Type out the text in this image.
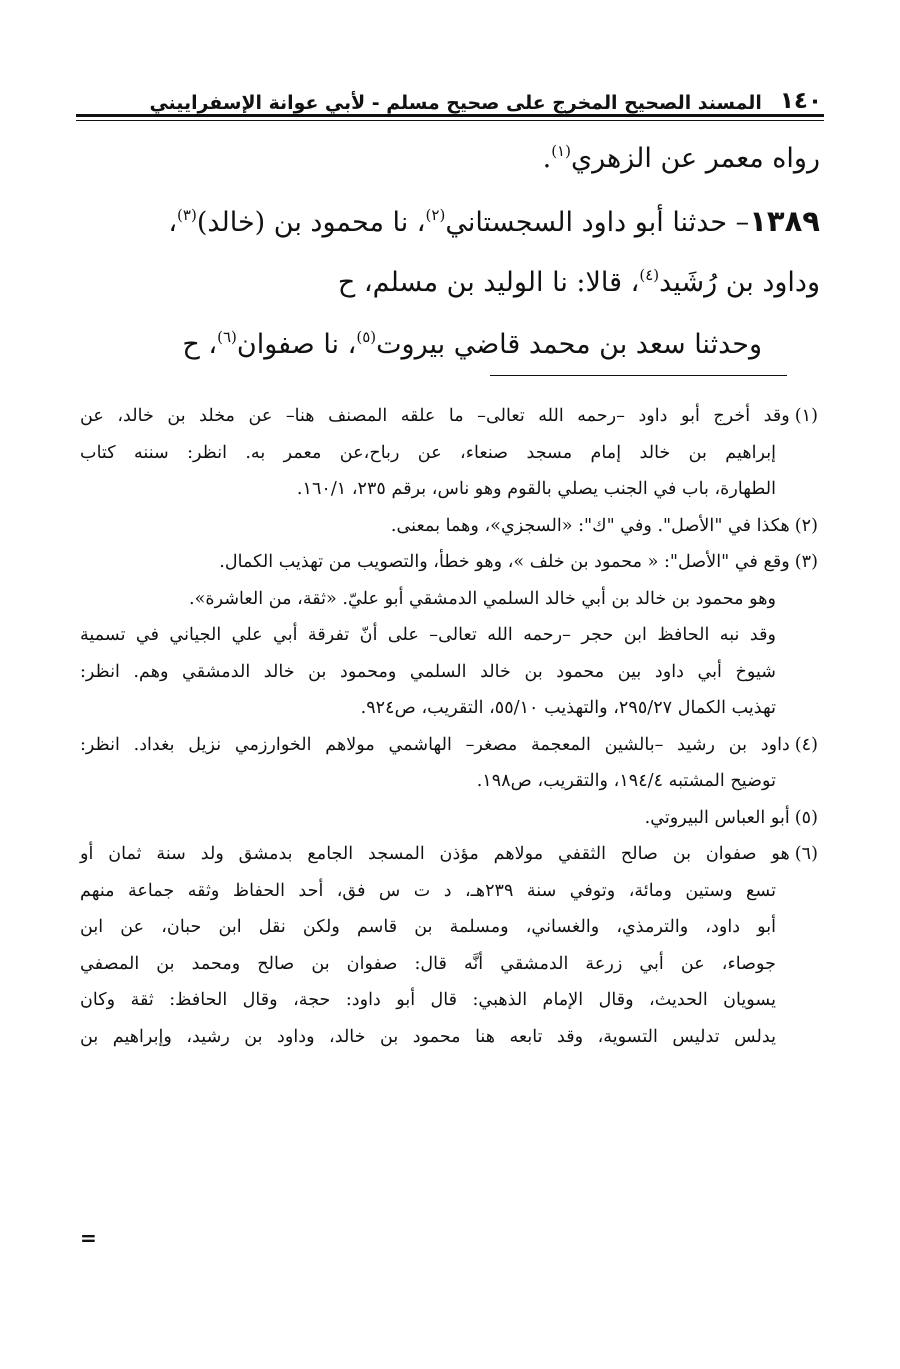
١٤٠
المسند الصحيح المخرج على صحيح مسلم - لأبي عوانة الإسفراييني
رواه معمر عن الزهري$^{(١)}$.
١٣٨٩– حدثنا أبو داود السجستاني$^{(٢)}$، نا محمود بن (خالد)$^{(٣)}$،
وداود بن رُشَيد$^{(٤)}$، قالا: نا الوليد بن مسلم، ح
وحدثنا سعد بن محمد قاضي بيروت$^{(٥)}$، نا صفوان$^{(٦)}$، ح
(١)وقد أخرج أبو داود –رحمه الله تعالى– ما علقه المصنف هنا– عن مخلد بن خالد، عن
إبراهيم بن خالد إمام مسجد صنعاء، عن رباح،عن معمر به. انظر: سننه كتاب
الطهارة، باب في الجنب يصلي بالقوم وهو ناس، برقم ٢٣٥، ١٦٠/١.
(٢)هكذا في "الأصل". وفي "ك": «السجزي»، وهما بمعنى.
(٣)وقع في "الأصل": « محمود بن خلف »، وهو خطأ، والتصويب من تهذيب الكمال.
وهو محمود بن خالد بن أبي خالد السلمي الدمشقي أبو عليّ. «ثقة، من العاشرة».
وقد نبه الحافظ ابن حجر –رحمه الله تعالى– على أنّ تفرقة أبي علي الجياني في تسمية
شيوخ أبي داود بين محمود بن خالد السلمي ومحمود بن خالد الدمشقي وهم. انظر:
تهذيب الكمال ٢٩٥/٢٧، والتهذيب ٥٥/١٠، التقريب، ص٩٢٤.
(٤)داود بن رشيد –بالشين المعجمة مصغر– الهاشمي مولاهم الخوارزمي نزيل بغداد. انظر:
توضيح المشتبه ١٩٤/٤، والتقريب، ص١٩٨.
(٥)أبو العباس البيروتي.
(٦)هو صفوان بن صالح الثقفي مولاهم مؤذن المسجد الجامع بدمشق ولد سنة ثمان أو
تسع وستين ومائة، وتوفي سنة ٢٣٩هـ، د ت س فق، أحد الحفاظ وثقه جماعة منهم
أبو داود، والترمذي، والغساني، ومسلمة بن قاسم ولكن نقل ابن حبان، عن ابن
جوصاء، عن أبي زرعة الدمشقي أنَّه قال: صفوان بن صالح ومحمد بن المصفي
يسويان الحديث، وقال الإمام الذهبي: قال أبو داود: حجة، وقال الحافظ: ثقة وكان
يدلس تدليس التسوية، وقد تابعه هنا محمود بن خالد، وداود بن رشيد، وإبراهيم بن
=
